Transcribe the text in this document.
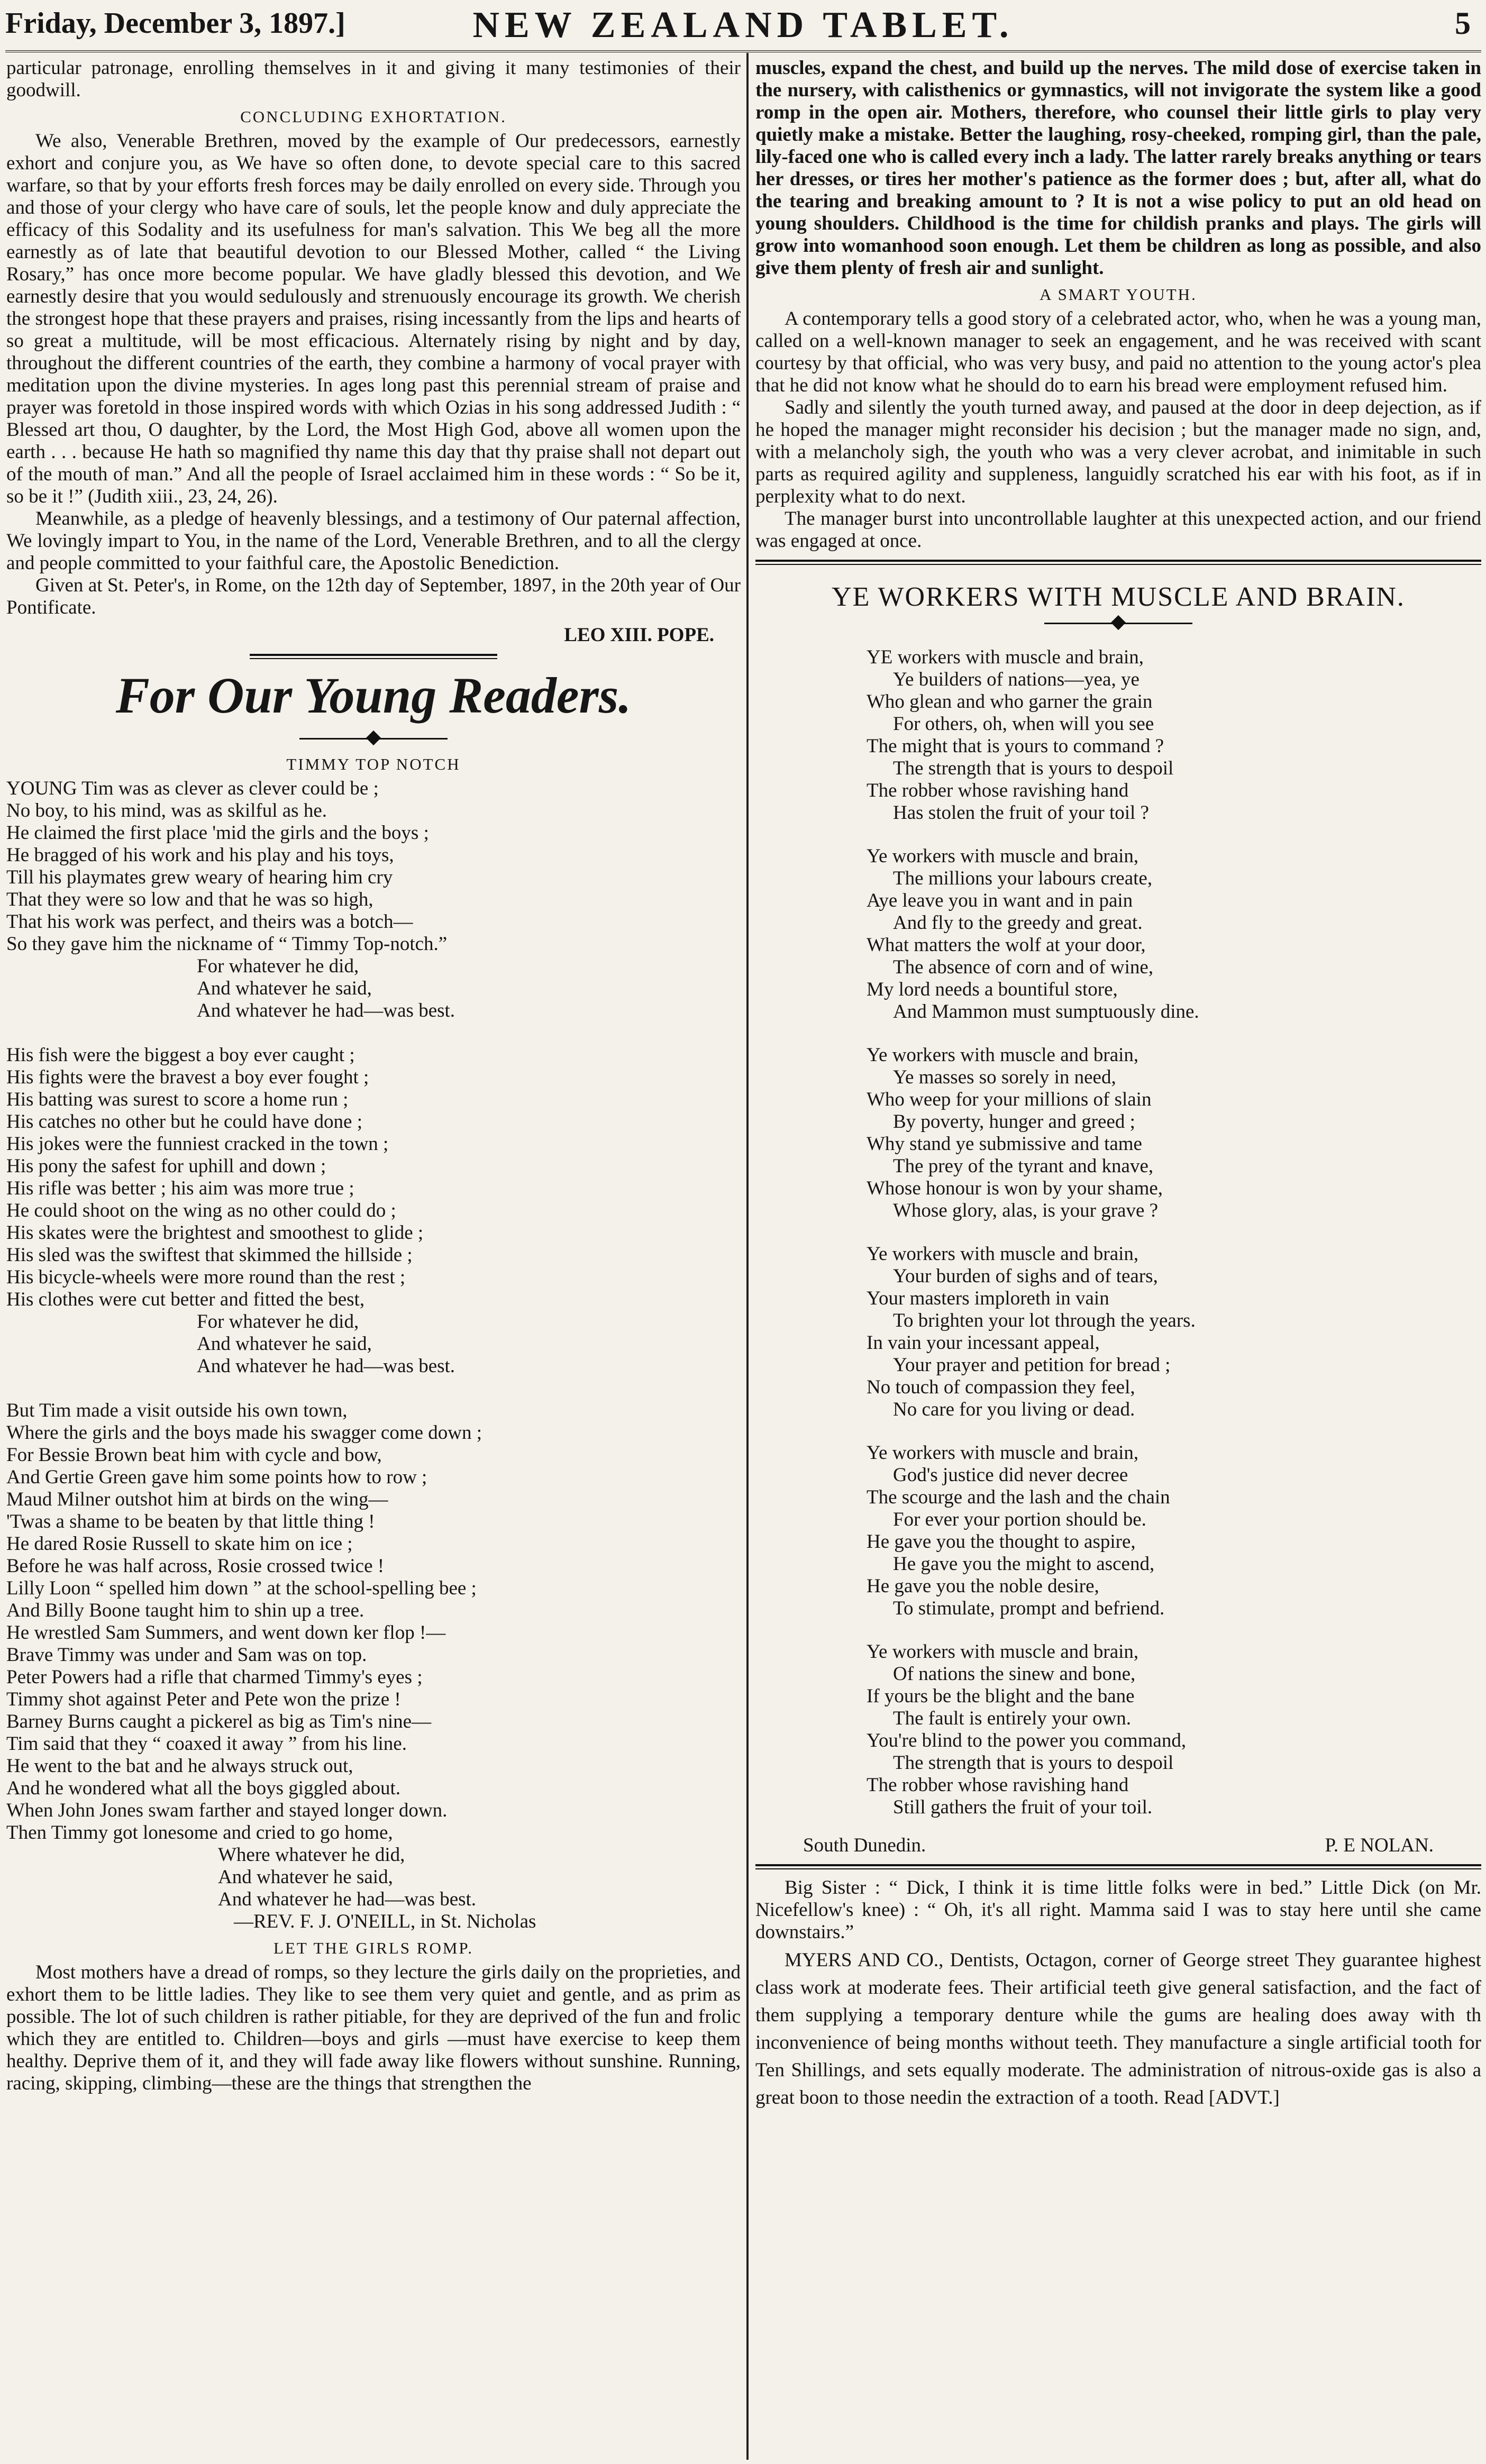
Friday, December 3, 1897.]	NEW ZEALAND TABLET.	5

particular patronage, enrolling themselves in it and giving it many testimonies of their goodwill.

CONCLUDING EXHORTATION.

We also, Venerable Brethren, moved by the example of Our predecessors, earnestly exhort and conjure you, as We have so often done, to devote special care to this sacred warfare, so that by your efforts fresh forces may be daily enrolled on every side. Through you and those of your clergy who have care of souls, let the people know and duly appreciate the efficacy of this Sodality and its usefulness for man's salvation. This We beg all the more earnestly as of late that beautiful devotion to our Blessed Mother, called “ the Living Rosary,” has once more become popular. We have gladly blessed this devotion, and We earnestly desire that you would sedulously and strenuously encourage its growth. We cherish the strongest hope that these prayers and praises, rising incessantly from the lips and hearts of so great a multitude, will be most efficacious. Alternately rising by night and by day, throughout the different countries of the earth, they combine a harmony of vocal prayer with meditation upon the divine mysteries. In ages long past this perennial stream of praise and prayer was foretold in those inspired words with which Ozias in his song addressed Judith : “ Blessed art thou, O daughter, by the Lord, the Most High God, above all women upon the earth . . . because He hath so magnified thy name this day that thy praise shall not depart out of the mouth of man.” And all the people of Israel acclaimed him in these words : “ So be it, so be it !” (Judith xiii., 23, 24, 26).

Meanwhile, as a pledge of heavenly blessings, and a testimony of Our paternal affection, We lovingly impart to You, in the name of the Lord, Venerable Brethren, and to all the clergy and people committed to your faithful care, the Apostolic Benediction.

Given at St. Peter's, in Rome, on the 12th day of September, 1897, in the 20th year of Our Pontificate.

LEO XIII. POPE.
For Our Young Readers.
TIMMY TOP NOTCH

YOUNG Tim was as clever as clever could be ;

No boy, to his mind, was as skilful as he.

He claimed the first place 'mid the girls and the boys ;

He bragged of his work and his play and his toys,

Till his playmates grew weary of hearing him cry

That they were so low and that he was so high,

That his work was perfect, and theirs was a botch—

So they gave him the nickname of “ Timmy Top-notch.”

For whatever he did,

And whatever he said,

And whatever he had—was best.

His fish were the biggest a boy ever caught ;

His fights were the bravest a boy ever fought ;

His batting was surest to score a home run ;

His catches no other but he could have done ;

His jokes were the funniest cracked in the town ;

His pony the safest for uphill and down ;

His rifle was better ; his aim was more true ;

He could shoot on the wing as no other could do ;

His skates were the brightest and smoothest to glide ;

His sled was the swiftest that skimmed the hillside ;

His bicycle-wheels were more round than the rest ;

His clothes were cut better and fitted the best,

For whatever he did,

And whatever he said,

And whatever he had—was best.

But Tim made a visit outside his own town,

Where the girls and the boys made his swagger come down ;

For Bessie Brown beat him with cycle and bow,

And Gertie Green gave him some points how to row ;

Maud Milner outshot him at birds on the wing—

'Twas a shame to be beaten by that little thing !

He dared Rosie Russell to skate him on ice ;

Before he was half across, Rosie crossed twice !

Lilly Loon “ spelled him down ” at the school-spelling bee ;

And Billy Boone taught him to shin up a tree.

He wrestled Sam Summers, and went down ker flop !—

Brave Timmy was under and Sam was on top.

Peter Powers had a rifle that charmed Timmy's eyes ;

Timmy shot against Peter and Pete won the prize !

Barney Burns caught a pickerel as big as Tim's nine—

Tim said that they “ coaxed it away ” from his line.

He went to the bat and he always struck out,

And he wondered what all the boys giggled about.

When John Jones swam farther and stayed longer down.

Then Timmy got lonesome and cried to go home,

Where whatever he did,

And whatever he said,

And whatever he had—was best.

—REV. F. J. O'NEILL, in St. Nicholas

LET THE GIRLS ROMP.

Most mothers have a dread of romps, so they lecture the girls daily on the proprieties, and exhort them to be little ladies. They like to see them very quiet and gentle, and as prim as possible. The lot of such children is rather pitiable, for they are deprived of the fun and frolic which they are entitled to. Children—boys and girls —must have exercise to keep them healthy. Deprive them of it, and they will fade away like flowers without sunshine. Running, racing, skipping, climbing—these are the things that strengthen the

muscles, expand the chest, and build up the nerves. The mild dose of exercise taken in the nursery, with calisthenics or gymnastics, will not invigorate the system like a good romp in the open air. Mothers, therefore, who counsel their little girls to play very quietly make a mistake. Better the laughing, rosy-cheeked, romping girl, than the pale, lily-faced one who is called every inch a lady. The latter rarely breaks anything or tears her dresses, or tires her mother's patience as the former does ; but, after all, what do the tearing and breaking amount to ? It is not a wise policy to put an old head on young shoulders. Childhood is the time for childish pranks and plays. The girls will grow into womanhood soon enough. Let them be children as long as possible, and also give them plenty of fresh air and sunlight.

A SMART YOUTH.

A contemporary tells a good story of a celebrated actor, who, when he was a young man, called on a well-known manager to seek an engagement, and he was received with scant courtesy by that official, who was very busy, and paid no attention to the young actor's plea that he did not know what he should do to earn his bread were employment refused him.

Sadly and silently the youth turned away, and paused at the door in deep dejection, as if he hoped the manager might reconsider his decision ; but the manager made no sign, and, with a melancholy sigh, the youth who was a very clever acrobat, and inimitable in such parts as required agility and suppleness, languidly scratched his ear with his foot, as if in perplexity what to do next.

The manager burst into uncontrollable laughter at this unexpected action, and our friend was engaged at once.

YE WORKERS WITH MUSCLE AND BRAIN.

YE workers with muscle and brain,

Ye builders of nations—yea, ye

Who glean and who garner the grain

For others, oh, when will you see

The might that is yours to command ?

The strength that is yours to despoil

The robber whose ravishing hand

Has stolen the fruit of your toil ?

Ye workers with muscle and brain,

The millions your labours create,

Aye leave you in want and in pain

And fly to the greedy and great.

What matters the wolf at your door,

The absence of corn and of wine,

My lord needs a bountiful store,

And Mammon must sumptuously dine.

Ye workers with muscle and brain,

Ye masses so sorely in need,

Who weep for your millions of slain

By poverty, hunger and greed ;

Why stand ye submissive and tame

The prey of the tyrant and knave,

Whose honour is won by your shame,

Whose glory, alas, is your grave ?

Ye workers with muscle and brain,

Your burden of sighs and of tears,

Your masters imploreth in vain

To brighten your lot through the years.

In vain your incessant appeal,

Your prayer and petition for bread ;

No touch of compassion they feel,

No care for you living or dead.

Ye workers with muscle and brain,

God's justice did never decree

The scourge and the lash and the chain

For ever your portion should be.

He gave you the thought to aspire,

He gave you the might to ascend,

He gave you the noble desire,

To stimulate, prompt and befriend.

Ye workers with muscle and brain,

Of nations the sinew and bone,

If yours be the blight and the bane

The fault is entirely your own.

You're blind to the power you command,

The strength that is yours to despoil

The robber whose ravishing hand

Still gathers the fruit of your toil.

South Dunedin.	P. E NOLAN.

Big Sister : “ Dick, I think it is time little folks were in bed.” Little Dick (on Mr. Nicefellow's knee) : “ Oh, it's all right. Mamma said I was to stay here until she came downstairs.”

MYERS AND CO., Dentists, Octagon, corner of George street They guarantee highest class work at moderate fees. Their artificial teeth give general satisfaction, and the fact of them supplying a temporary denture while the gums are healing does away with th inconvenience of being months without teeth. They manufacture a single artificial tooth for Ten Shillings, and sets equally moderate. The administration of nitrous-oxide gas is also a great boon to those needin the extraction of a tooth. Read [ADVT.]
